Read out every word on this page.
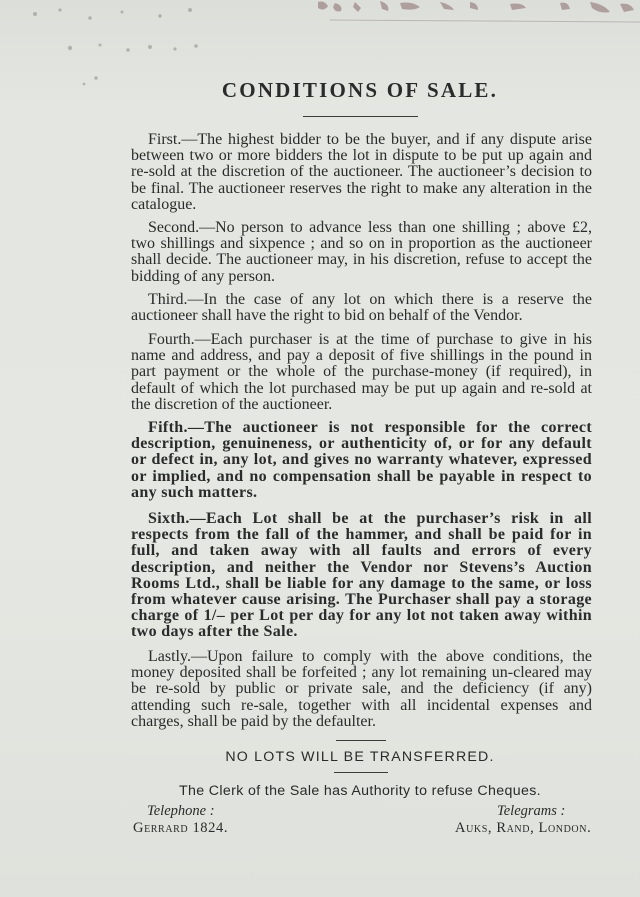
CONDITIONS OF SALE.

First.—The highest bidder to be the buyer, and if any dispute arise between two or more bidders the lot in dispute to be put up again and re-sold at the discretion of the auctioneer. The auctioneer’s decision to be final. The auctioneer reserves the right to make any alteration in the catalogue.

Second.—No person to advance less than one shilling ; above £2, two shillings and sixpence ; and so on in proportion as the auctioneer shall decide. The auctioneer may, in his discretion, refuse to accept the bidding of any person.

Third.—In the case of any lot on which there is a reserve the auctioneer shall have the right to bid on behalf of the Vendor.

Fourth.—Each purchaser is at the time of purchase to give in his name and address, and pay a deposit of five shillings in the pound in part payment or the whole of the purchase-money (if required), in default of which the lot purchased may be put up again and re-sold at the discretion of the auctioneer.

Fifth.—The auctioneer is not responsible for the correct description, genuineness, or authenticity of, or for any default or defect in, any lot, and gives no warranty whatever, expressed or implied, and no compensation shall be payable in respect to any such matters.

Sixth.—Each Lot shall be at the purchaser’s risk in all respects from the fall of the hammer, and shall be paid for in full, and taken away with all faults and errors of every description, and neither the Vendor nor Stevens’s Auction Rooms Ltd., shall be liable for any damage to the same, or loss from whatever cause arising. The Purchaser shall pay a storage charge of 1/– per Lot per day for any lot not taken away within two days after the Sale.

Lastly.—Upon failure to comply with the above conditions, the money deposited shall be forfeited ; any lot remaining un-cleared may be re-sold by public or private sale, and the deficiency (if any) attending such re-sale, together with all incidental expenses and charges, shall be paid by the defaulter.

NO LOTS WILL BE TRANSFERRED.
The Clerk of the Sale has Authority to refuse Cheques.
Telephone :
Gerrard 1824.
Telegrams :
Auks, Rand, London.
